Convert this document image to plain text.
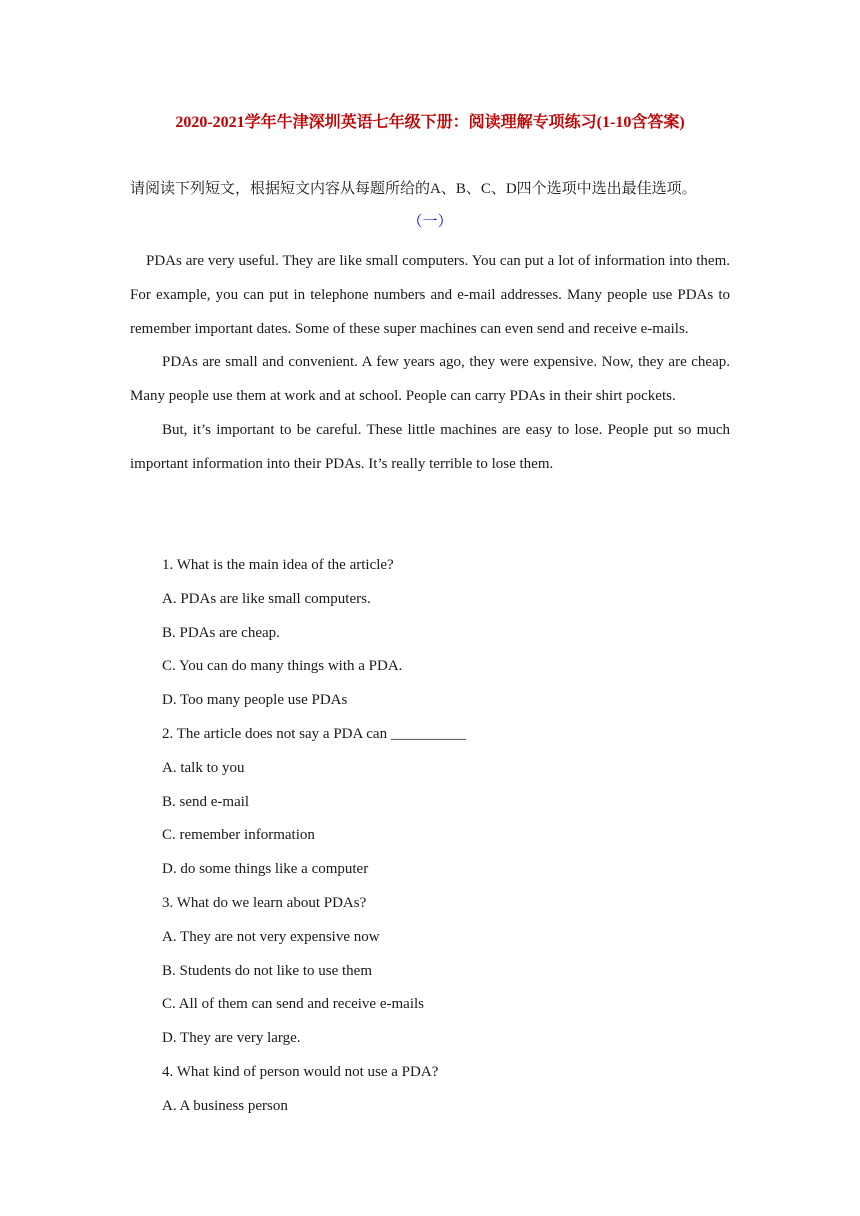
2020-2021学年牛津深圳英语七年级下册：阅读理解专项练习(1-10含答案)

请阅读下列短文，根据短文内容从每题所给的A、B、C、D四个选项中选出最佳选项。

（一）

PDAs are very useful. They are like small computers. You can put a lot of information into them. For example, you can put in telephone numbers and e-mail addresses. Many people use PDAs to remember important dates. Some of these super machines can even send and receive e-mails.

PDAs are small and convenient. A few years ago, they were expensive. Now, they are cheap. Many people use them at work and at school. People can carry PDAs in their shirt pockets.

But, it’s important to be careful. These little machines are easy to lose. People put so much important information into their PDAs. It’s really terrible to lose them.

1. What is the main idea of the article?
A. PDAs are like small computers.
B. PDAs are cheap.
C. You can do many things with a PDA.
D. Too many people use PDAs
2. The article does not say a PDA can __________
A. talk to you
B. send e-mail
C. remember information
D. do some things like a computer
3. What do we learn about PDAs?
A. They are not very expensive now
B. Students do not like to use them
C. All of them can send and receive e-mails
D. They are very large.
4. What kind of person would not use a PDA?
A. A business person
